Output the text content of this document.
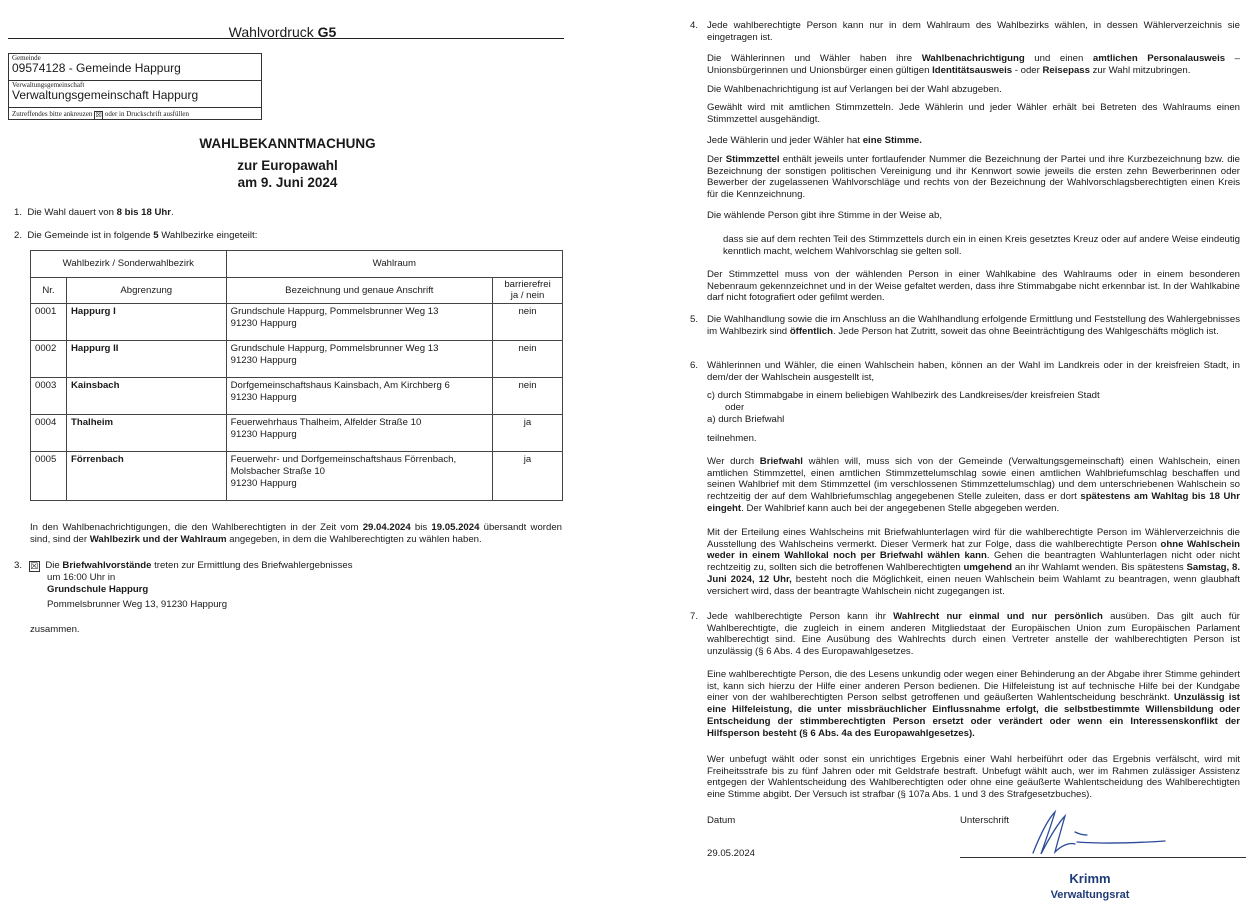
Wahlvordruck G5
Gemeinde
09574128 - Gemeinde Happurg
Verwaltungsgemeinschaft
Verwaltungsgemeinschaft Happurg
Zutreffendes bitte ankreuzen ☒ oder in Druckschrift ausfüllen
WAHLBEKANNTMACHUNG
zur Europawahl
am 9. Juni 2024
1. Die Wahl dauert von 8 bis 18 Uhr.
2. Die Gemeinde ist in folgende 5 Wahlbezirke eingeteilt:
Wahlbezirk / Sonderwahlbezirk		Wahlraum	
Nr.	Abgrenzung	Bezeichnung und genaue Anschrift	barrierefrei
ja / nein
0001	Happurg I	Grundschule Happurg, Pommelsbrunner Weg 13
91230 Happurg	nein
0002	Happurg II	Grundschule Happurg, Pommelsbrunner Weg 13
91230 Happurg	nein
0003	Kainsbach	Dorfgemeinschaftshaus Kainsbach, Am Kirchberg 6
91230 Happurg	nein
0004	Thalheim	Feuerwehrhaus Thalheim, Alfelder Straße 10
91230 Happurg	ja
0005	Förrenbach	Feuerwehr- und Dorfgemeinschaftshaus Förrenbach,
Molsbacher Straße 10
91230 Happurg	ja

In den Wahlbenachrichtigungen, die den Wahlberechtigten in der Zeit vom 29.04.2024 bis 19.05.2024 übersandt worden sind, sind der Wahlbezirk und der Wahlraum angegeben, in dem die Wahlberechtigten zu wählen haben.

3. ☒ Die Briefwahlvorstände treten zur Ermittlung des Briefwahlergebnisses
um 16:00 Uhr in
Grundschule Happurg
Pommelsbrunner Weg 13, 91230 Happurg
zusammen.
4. Jede wahlberechtigte Person kann nur in dem Wahlraum des Wahlbezirks wählen, in dessen Wählerverzeichnis sie eingetragen ist.

Die Wählerinnen und Wähler haben ihre Wahlbenachrichtigung und einen amtlichen Personalausweis – Unionsbürgerinnen und Unionsbürger einen gültigen Identitätsausweis - oder Reisepass zur Wahl mitzubringen.

Die Wahlbenachrichtigung ist auf Verlangen bei der Wahl abzugeben.

Gewählt wird mit amtlichen Stimmzetteln. Jede Wählerin und jeder Wähler erhält bei Betreten des Wahlraums einen Stimmzettel ausgehändigt.

Jede Wählerin und jeder Wähler hat eine Stimme.

Der Stimmzettel enthält jeweils unter fortlaufender Nummer die Bezeichnung der Partei und ihre Kurzbezeichnung bzw. die Bezeichnung der sonstigen politischen Vereinigung und ihr Kennwort sowie jeweils die ersten zehn Bewerberinnen oder Bewerber der zugelassenen Wahlvorschläge und rechts von der Bezeichnung der Wahlvorschlagsberechtigten einen Kreis für die Kennzeichnung.

Die wählende Person gibt ihre Stimme in der Weise ab,

dass sie auf dem rechten Teil des Stimmzettels durch ein in einen Kreis gesetztes Kreuz oder auf andere Weise eindeutig kenntlich macht, welchem Wahlvorschlag sie gelten soll.

Der Stimmzettel muss von der wählenden Person in einer Wahlkabine des Wahlraums oder in einem besonderen Nebenraum gekennzeichnet und in der Weise gefaltet werden, dass ihre Stimmabgabe nicht erkennbar ist. In der Wahlkabine darf nicht fotografiert oder gefilmt werden.

5. Die Wahlhandlung sowie die im Anschluss an die Wahlhandlung erfolgende Ermittlung und Feststellung des Wahlergebnisses im Wahlbezirk sind öffentlich. Jede Person hat Zutritt, soweit das ohne Beeinträchtigung des Wahlgeschäfts möglich ist.

6. Wählerinnen und Wähler, die einen Wahlschein haben, können an der Wahl im Landkreis oder in der kreisfreien Stadt, in dem/der der Wahlschein ausgestellt ist,

c) durch Stimmabgabe in einem beliebigen Wahlbezirk des Landkreises/der kreisfreien Stadt
oder
a) durch Briefwahl
teilnehmen.

Wer durch Briefwahl wählen will, muss sich von der Gemeinde (Verwaltungsgemeinschaft) einen Wahlschein, einen amtlichen Stimmzettel, einen amtlichen Stimmzettelumschlag sowie einen amtlichen Wahlbriefumschlag beschaffen und seinen Wahlbrief mit dem Stimmzettel (im verschlossenen Stimmzettelumschlag) und dem unterschriebenen Wahlschein so rechtzeitig der auf dem Wahlbriefumschlag angegebenen Stelle zuleiten, dass er dort spätestens am Wahltag bis 18 Uhr eingeht. Der Wahlbrief kann auch bei der angegebenen Stelle abgegeben werden.

Mit der Erteilung eines Wahlscheins mit Briefwahlunterlagen wird für die wahlberechtigte Person im Wählerverzeichnis die Ausstellung des Wahlscheins vermerkt. Dieser Vermerk hat zur Folge, dass die wahlberechtigte Person ohne Wahlschein weder in einem Wahllokal noch per Briefwahl wählen kann. Gehen die beantragten Wahlunterlagen nicht oder nicht rechtzeitig zu, sollten sich die betroffenen Wahlberechtigten umgehend an ihr Wahlamt wenden. Bis spätestens Samstag, 8. Juni 2024, 12 Uhr, besteht noch die Möglichkeit, einen neuen Wahlschein beim Wahlamt zu beantragen, wenn glaubhaft versichert wird, dass der beantragte Wahlschein nicht zugegangen ist.

7. Jede wahlberechtigte Person kann ihr Wahlrecht nur einmal und nur persönlich ausüben. Das gilt auch für Wahlberechtigte, die zugleich in einem anderen Mitgliedstaat der Europäischen Union zum Europäischen Parlament wahlberechtigt sind. Eine Ausübung des Wahlrechts durch einen Vertreter anstelle der wahlberechtigten Person ist unzulässig (§ 6 Abs. 4 des Europawahlgesetzes.

Eine wahlberechtigte Person, die des Lesens unkundig oder wegen einer Behinderung an der Abgabe ihrer Stimme gehindert ist, kann sich hierzu der Hilfe einer anderen Person bedienen. Die Hilfeleistung ist auf technische Hilfe bei der Kundgabe einer von der wahlberechtigten Person selbst getroffenen und geäußerten Wahlentscheidung beschränkt. Unzulässig ist eine Hilfeleistung, die unter missbräuchlicher Einflussnahme erfolgt, die selbstbestimmte Willensbildung oder Entscheidung der stimmberechtigten Person ersetzt oder verändert oder wenn ein Interessenskonflikt der Hilfsperson besteht (§ 6 Abs. 4a des Europawahlgesetzes).

Wer unbefugt wählt oder sonst ein unrichtiges Ergebnis einer Wahl herbeiführt oder das Ergebnis verfälscht, wird mit Freiheitsstrafe bis zu fünf Jahren oder mit Geldstrafe bestraft. Unbefugt wählt auch, wer im Rahmen zulässiger Assistenz entgegen der Wahlentscheidung des Wahlberechtigten oder ohne eine geäußerte Wahlentscheidung des Wahlberechtigten eine Stimme abgibt. Der Versuch ist strafbar (§ 107a Abs. 1 und 3 des Strafgesetzbuches).

Datum
29.05.2024
Unterschrift
Krimm
Verwaltungsrat
